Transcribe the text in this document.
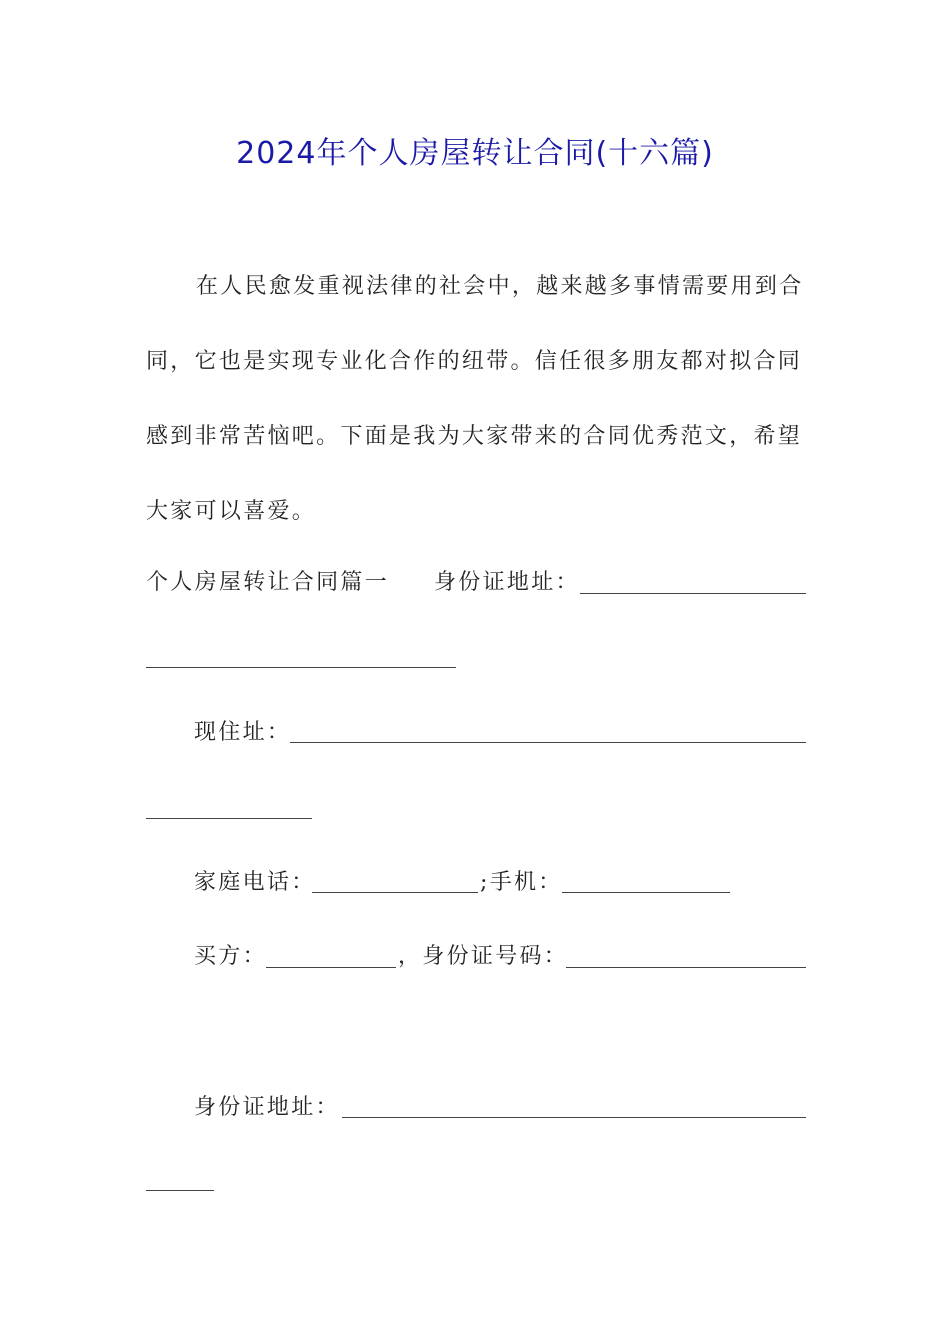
2024年个人房屋转让合同(十六篇)
在人民愈发重视法律的社会中，越来越多事情需要用到合
同，它也是实现专业化合作的纽带。信任很多朋友都对拟合同
感到非常苦恼吧。下面是我为大家带来的合同优秀范文，希望
大家可以喜爱。
个人房屋转让合同篇一 身份证地址：
现住址：
家庭电话：	;手机：
买方：	，身份证号码：
身份证地址：
